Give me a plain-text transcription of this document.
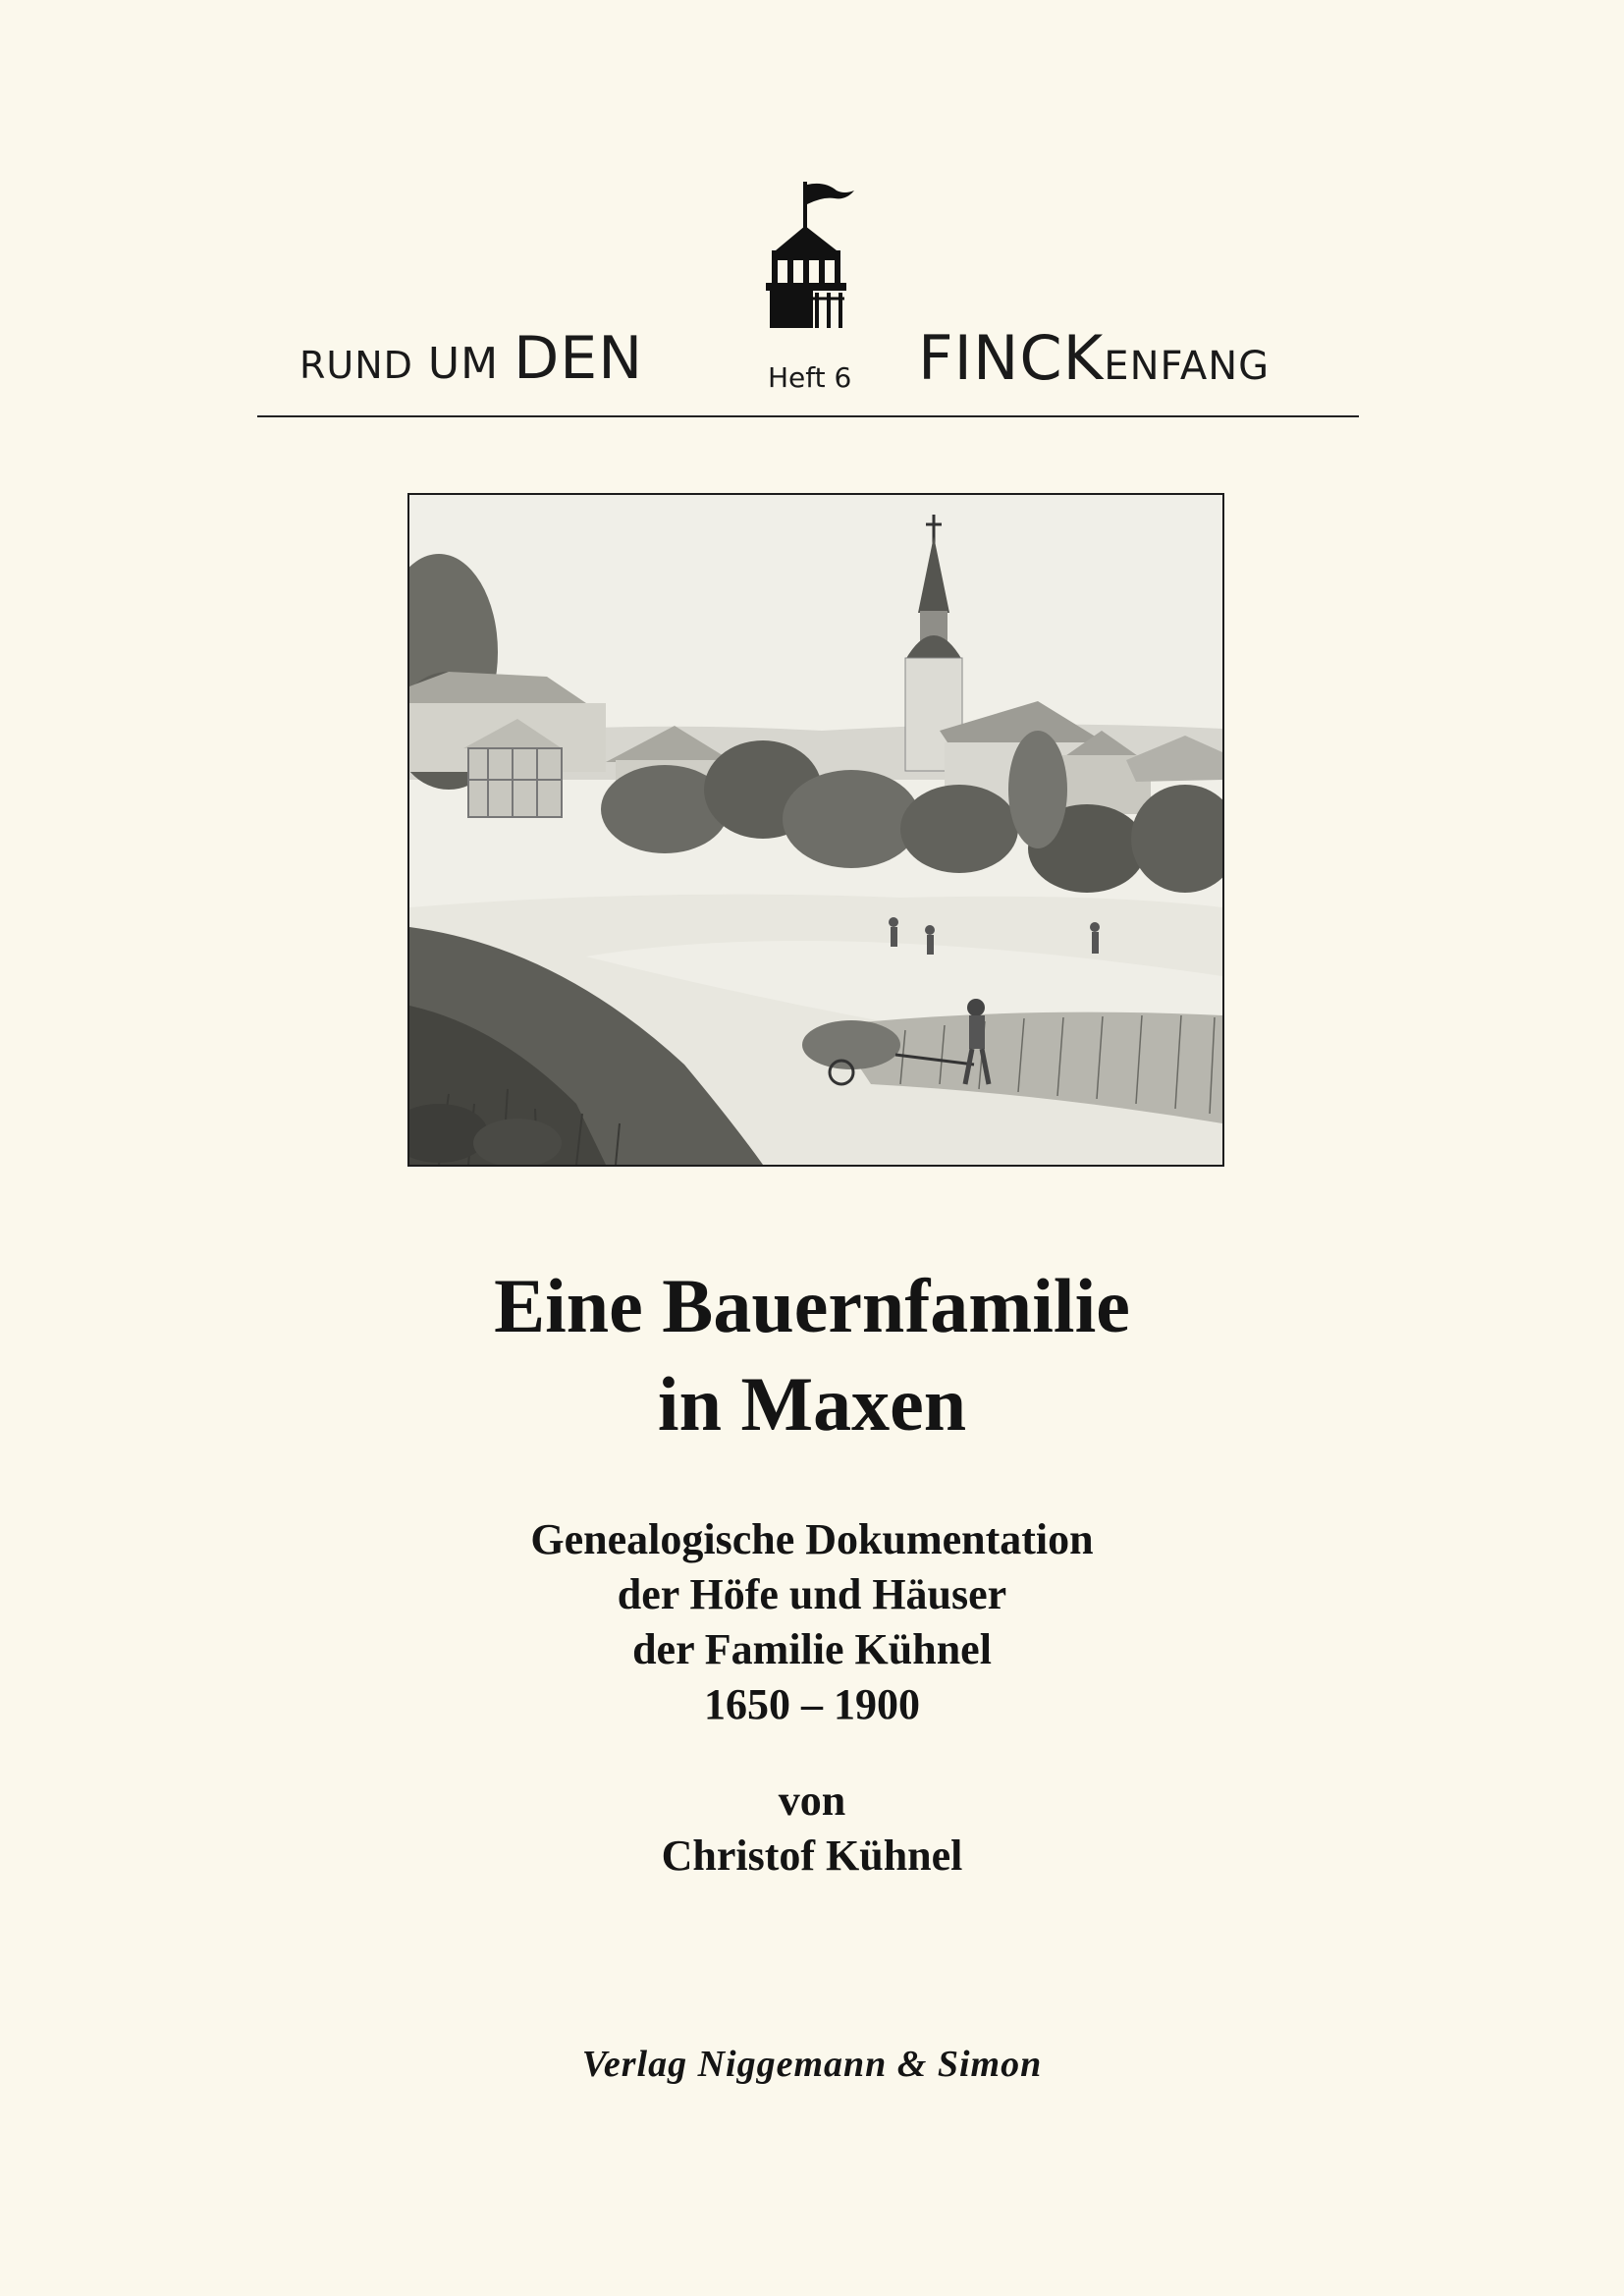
RUND UM DEN	Heft 6 FINCKENFANG
Eine Bauernfamilie
in Maxen
Genealogische Dokumentation
der Höfe und Häuser
der Familie Kühnel
1650 – 1900
von
Christof Kühnel
Verlag Niggemann & Simon
